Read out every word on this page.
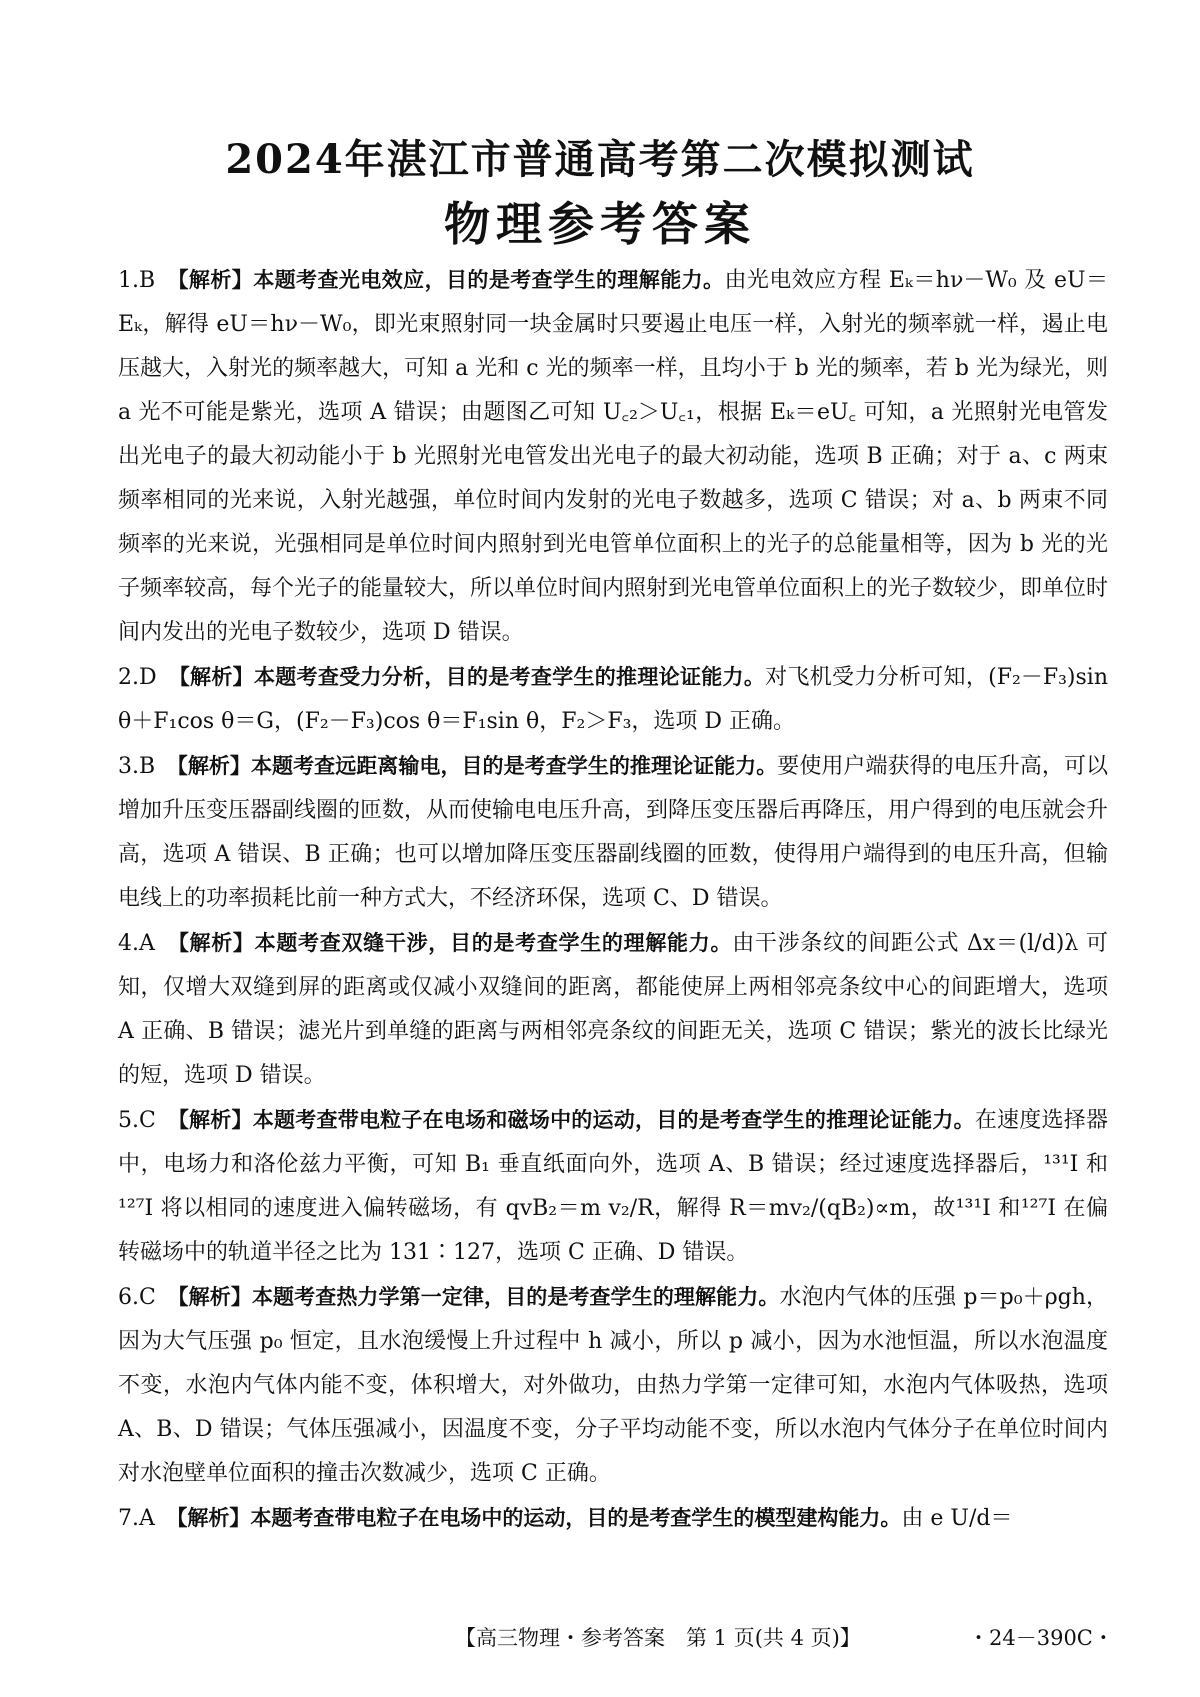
2024年湛江市普通高考第二次模拟测试
物理参考答案

1.B　 【解析】本题考查光电效应，目的是考查学生的理解能力。由光电效应方程 Eₖ＝hν－W₀ 及 eU＝Eₖ，解得 eU＝hν－W₀，即光束照射同一块金属时只要遏止电压一样，入射光的频率就一样，遏止电压越大，入射光的频率越大，可知 a 光和 c 光的频率一样，且均小于 b 光的频率，若 b 光为绿光，则 a 光不可能是紫光，选项 A 错误；由题图乙可知 U꜀₂＞U꜀₁，根据 Eₖ＝eU꜀ 可知，a 光照射光电管发出光电子的最大初动能小于 b 光照射光电管发出光电子的最大初动能，选项 B 正确；对于 a、c 两束频率相同的光来说，入射光越强，单位时间内发射的光电子数越多，选项 C 错误；对 a、b 两束不同频率的光来说，光强相同是单位时间内照射到光电管单位面积上的光子的总能量相等，因为 b 光的光子频率较高，每个光子的能量较大，所以单位时间内照射到光电管单位面积上的光子数较少，即单位时间内发出的光电子数较少，选项 D 错误。

2.D　 【解析】本题考查受力分析，目的是考查学生的推理论证能力。对飞机受力分析可知，(F₂－F₃)sin θ＋F₁cos θ＝G，(F₂－F₃)cos θ＝F₁sin θ，F₂＞F₃，选项 D 正确。

3.B　 【解析】本题考查远距离输电，目的是考查学生的推理论证能力。要使用户端获得的电压升高，可以增加升压变压器副线圈的匝数，从而使输电电压升高，到降压变压器后再降压，用户得到的电压就会升高，选项 A 错误、B 正确；也可以增加降压变压器副线圈的匝数，使得用户端得到的电压升高，但输电线上的功率损耗比前一种方式大，不经济环保，选项 C、D 错误。

4.A　 【解析】本题考查双缝干涉，目的是考查学生的理解能力。由干涉条纹的间距公式 Δx＝(l/d)λ 可知，仅增大双缝到屏的距离或仅减小双缝间的距离，都能使屏上两相邻亮条纹中心的间距增大，选项 A 正确、B 错误；滤光片到单缝的距离与两相邻亮条纹的间距无关，选项 C 错误；紫光的波长比绿光的短，选项 D 错误。

5.C　 【解析】本题考查带电粒子在电场和磁场中的运动，目的是考查学生的推理论证能力。在速度选择器中，电场力和洛伦兹力平衡，可知 B₁ 垂直纸面向外，选项 A、B 错误；经过速度选择器后，¹³¹I 和¹²⁷I 将以相同的速度进入偏转磁场，有 qvB₂＝m v₂/R，解得 R＝mv₂/(qB₂)∝m，故¹³¹I 和¹²⁷I 在偏转磁场中的轨道半径之比为 131∶127，选项 C 正确、D 错误。

6.C　 【解析】本题考查热力学第一定律，目的是考查学生的理解能力。水泡内气体的压强 p＝p₀＋ρgh，因为大气压强 p₀ 恒定，且水泡缓慢上升过程中 h 减小，所以 p 减小，因为水池恒温，所以水泡温度不变，水泡内气体内能不变，体积增大，对外做功，由热力学第一定律可知，水泡内气体吸热，选项 A、B、D 错误；气体压强减小，因温度不变，分子平均动能不变，所以水泡内气体分子在单位时间内对水泡壁单位面积的撞击次数减少，选项 C 正确。

7.A　 【解析】本题考查带电粒子在电场中的运动，目的是考查学生的模型建构能力。由 e U/d＝

【高三物理・参考答案　第 1 页(共 4 页)】	・24－390C・
